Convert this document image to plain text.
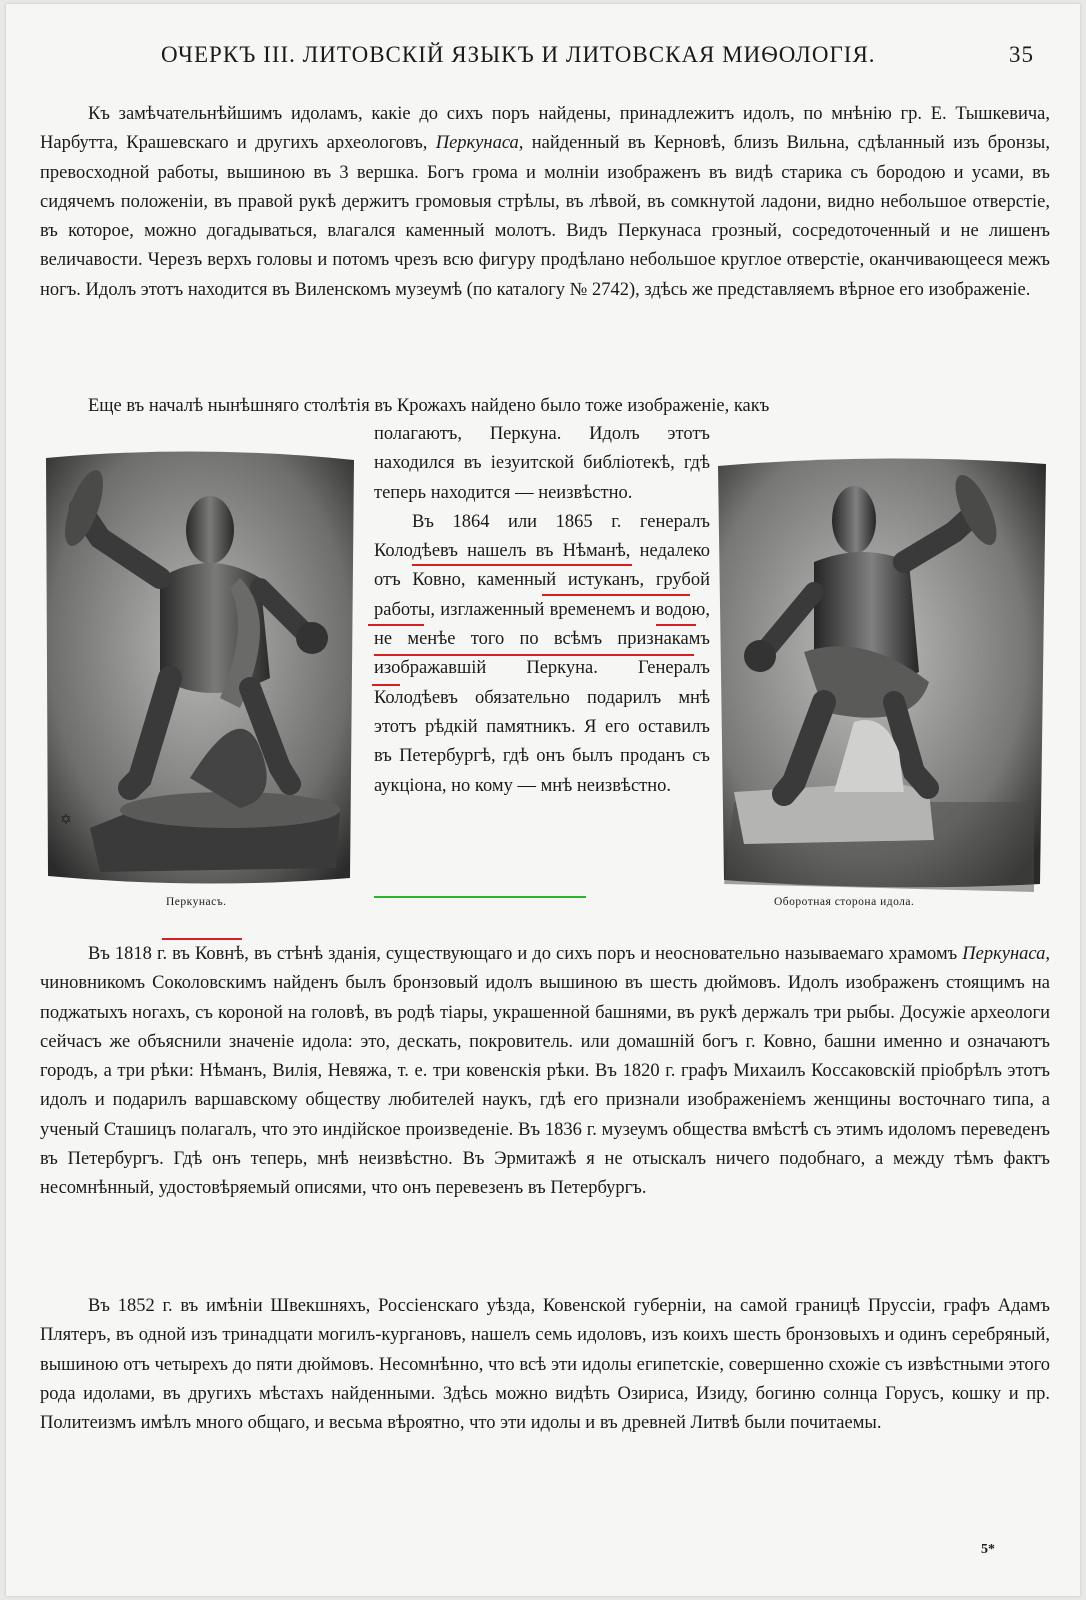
ОЧЕРКЪ III. ЛИТОВСКІЙ ЯЗЫКЪ И ЛИТОВСКАЯ МИѲОЛОГІЯ.	35

Къ замѣчательнѣйшимъ идоламъ, какіе до сихъ поръ найдены, принадлежитъ идолъ, по мнѣнію гр. Е. Тышкевича, Нарбутта, Крашевскаго и другихъ археологовъ, Перкунаса, найденный въ Керновѣ, близъ Вильна, сдѣланный изъ бронзы, превосходной работы, вышиною въ 3 вершка. Богъ грома и молніи изображенъ въ видѣ старика съ бородою и усами, въ сидячемъ положеніи, въ правой рукѣ держитъ громовыя стрѣлы, въ лѣвой, въ сомкнутой ладони, видно небольшое отверстіе, въ которое, можно догадываться, влагался каменный молотъ. Видъ Перкунаса грозный, сосредоточенный и не лишенъ величавости. Черезъ верхъ головы и потомъ чрезъ всю фигуру продѣлано небольшое круглое отверстіе, оканчивающееся межъ ногъ. Идолъ этотъ находится въ Виленскомъ музеумѣ (по каталогу № 2742), здѣсь же представляемъ вѣрное его изображеніе.

Еще въ началѣ нынѣшняго столѣтія въ Крожахъ найдено было тоже изображеніе, какъ

✡
Перкунасъ.	Оборотная сторона идола.

полагаютъ, Перкуна. Идолъ этотъ находился въ іезуитской библіотекѣ, гдѣ теперь находится — неизвѣстно.
Въ 1864 или 1865 г. генералъ Колодѣевъ нашелъ въ Нѣманѣ, недалеко отъ Ковно, каменный истуканъ, грубой работы, изглаженный временемъ и водою, не менѣе того по всѣмъ признакамъ изображавшій Перкуна. Генералъ Колодѣевъ обязательно подарилъ мнѣ этотъ рѣдкій памятникъ. Я его оставилъ въ Петербургѣ, гдѣ онъ былъ проданъ съ аукціона, но кому — мнѣ неизвѣстно.

Въ 1818 г. въ Ковнѣ, въ стѣнѣ зданія, существующаго и до сихъ поръ и неосновательно называемаго храмомъ Перкунаса, чиновникомъ Соколовскимъ найденъ былъ бронзовый идолъ вышиною въ шесть дюймовъ. Идолъ изображенъ стоящимъ на поджатыхъ ногахъ, съ короной на головѣ, въ родѣ тіары, украшенной башнями, въ рукѣ держалъ три рыбы. Досужіе археологи сейчасъ же объяснили значеніе идола: это, дескать, покровитель. или домашній богъ г. Ковно, башни именно и означаютъ городъ, а три рѣки: Нѣманъ, Вилія, Невяжа, т. е. три ковенскія рѣки. Въ 1820 г. графъ Михаилъ Коссаковскій пріобрѣлъ этотъ идолъ и подарилъ варшавскому обществу любителей наукъ, гдѣ его признали изображеніемъ женщины восточнаго типа, а ученый Сташицъ полагалъ, что это индійское произведеніе. Въ 1836 г. музеумъ общества вмѣстѣ съ этимъ идоломъ переведенъ въ Петербургъ. Гдѣ онъ теперь, мнѣ неизвѣстно. Въ Эрмитажѣ я не отыскалъ ничего подобнаго, а между тѣмъ фактъ несомнѣнный, удостовѣряемый описями, что онъ перевезенъ въ Петербургъ.

Въ 1852 г. въ имѣніи Швекшняхъ, Россіенскаго уѣзда, Ковенской губерніи, на самой границѣ Пруссіи, графъ Адамъ Плятеръ, въ одной изъ тринадцати могилъ-кургановъ, нашелъ семь идоловъ, изъ коихъ шесть бронзовыхъ и одинъ серебряный, вышиною отъ четырехъ до пяти дюймовъ. Несомнѣнно, что всѣ эти идолы египетскіе, совершенно схожіе съ извѣстными этого рода идолами, въ другихъ мѣстахъ найденными. Здѣсь можно видѣть Озириса, Изиду, богиню солнца Горусъ, кошку и пр. Политеизмъ имѣлъ много общаго, и весьма вѣроятно, что эти идолы и въ древней Литвѣ были почитаемы.

5*
